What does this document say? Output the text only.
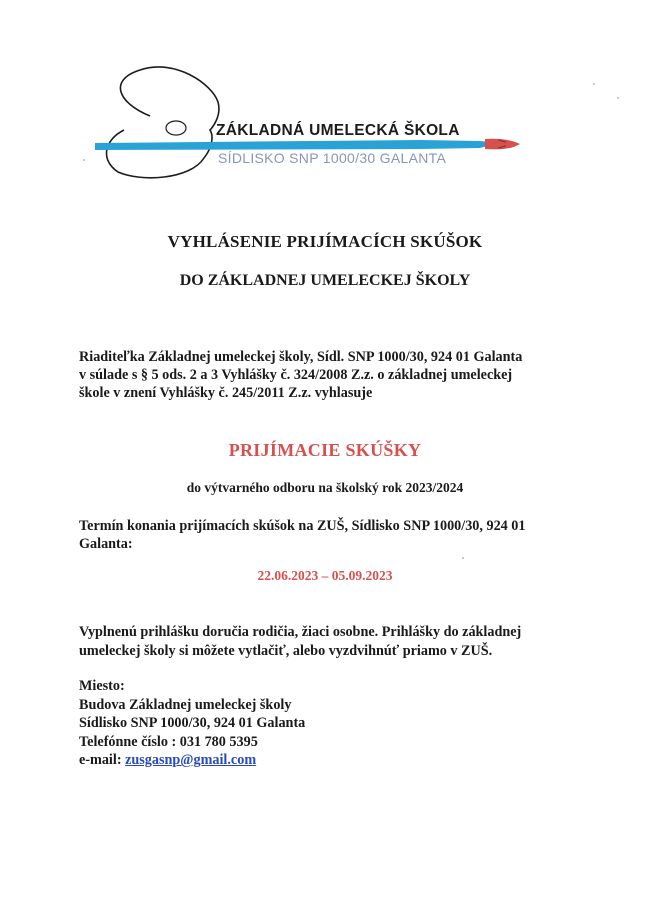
ZÁKLADNÁ UMELECKÁ ŠKOLA
SÍDLISKO SNP 1000/30 GALANTA
VYHLÁSENIE PRIJÍMACÍCH SKÚŠOK
DO ZÁKLADNEJ UMELECKEJ ŠKOLY
Riaditeľka Základnej umeleckej školy, Sídl. SNP 1000/30, 924 01 Galanta
v súlade s § 5 ods. 2 a 3 Vyhlášky č. 324/2008 Z.z. o základnej umeleckej
škole v znení Vyhlášky č. 245/2011 Z.z. vyhlasuje
PRIJÍMACIE SKÚŠKY
do výtvarného odboru na školský rok 2023/2024
Termín konania prijímacích skúšok na ZUŠ, Sídlisko SNP 1000/30, 924 01
Galanta:
22.06.2023 – 05.09.2023
Vyplnenú prihlášku doručia rodičia, žiaci osobne. Prihlášky do základnej
umeleckej školy si môžete vytlačiť, alebo vyzdvihnúť priamo v ZUŠ.
Miesto:
Budova Základnej umeleckej školy
Sídlisko SNP 1000/30, 924 01 Galanta
Telefónne číslo : 031 780 5395
e-mail: zusgasnp@gmail.com
